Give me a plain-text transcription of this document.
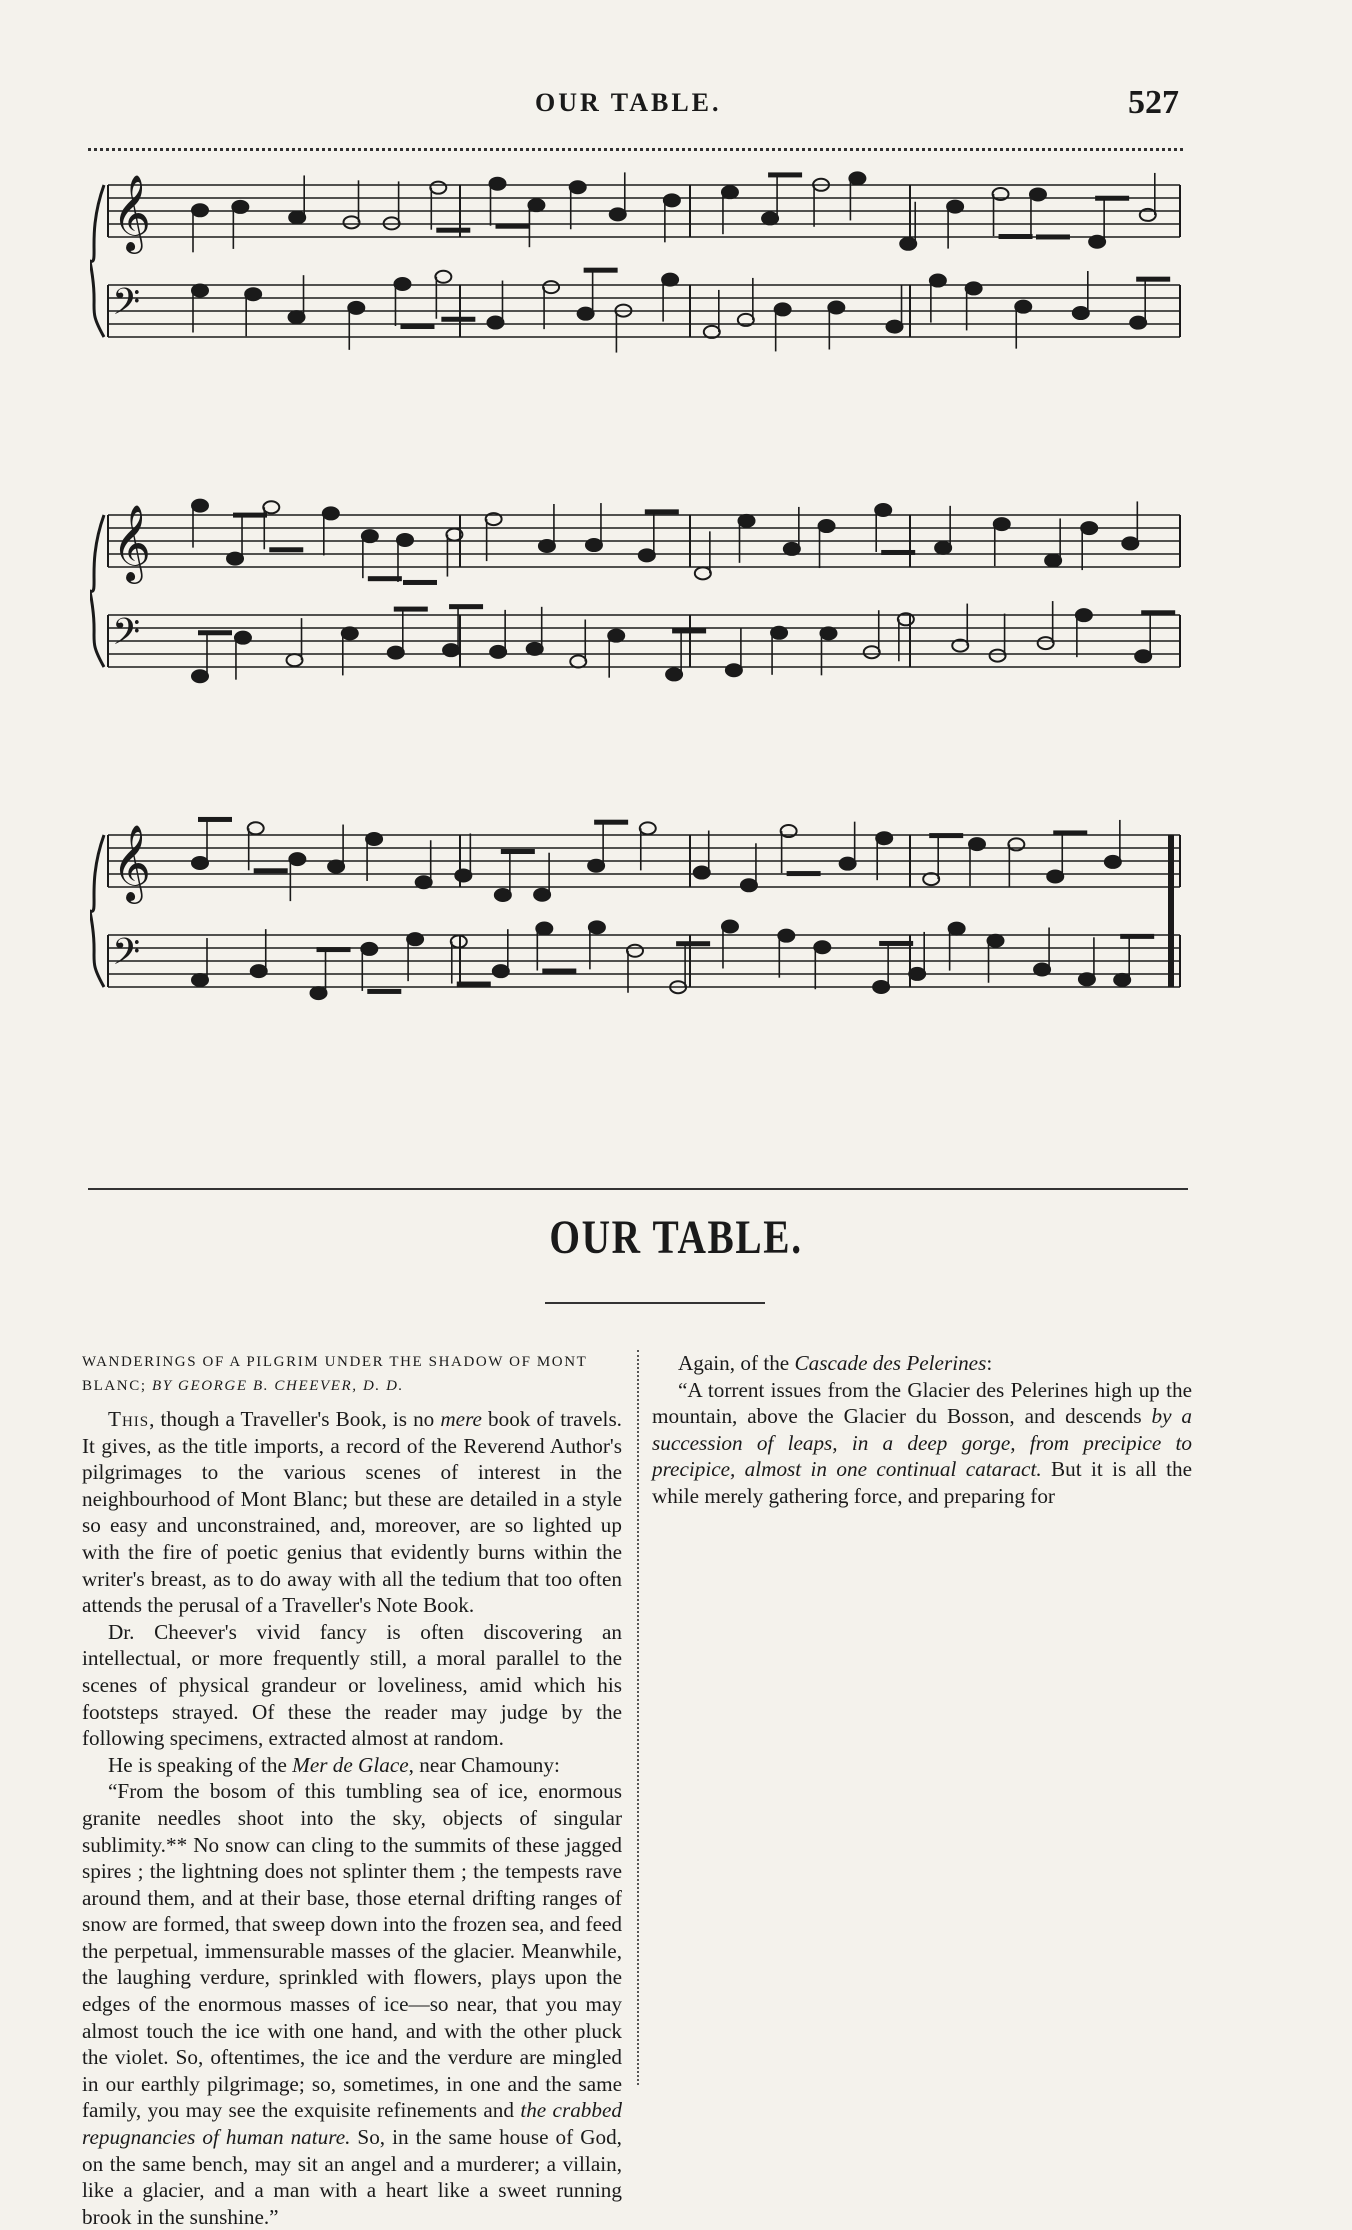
OUR TABLE.	527
𝄞
𝄢
𝄞
𝄢
𝄞
𝄢
OUR TABLE.

WANDERINGS OF A PILGRIM UNDER THE SHADOW OF MONT BLANC; BY GEORGE B. CHEEVER, D. D.

This, though a Traveller's Book, is no mere book of travels. It gives, as the title imports, a record of the Reverend Author's pilgrimages to the various scenes of interest in the neighbourhood of Mont Blanc; but these are detailed in a style so easy and unconstrained, and, moreover, are so lighted up with the fire of poetic genius that evidently burns within the writer's breast, as to do away with all the tedium that too often attends the perusal of a Traveller's Note Book.

Dr. Cheever's vivid fancy is often discovering an intellectual, or more frequently still, a moral parallel to the scenes of physical grandeur or loveliness, amid which his footsteps strayed. Of these the reader may judge by the following specimens, extracted almost at random.

He is speaking of the Mer de Glace, near Chamouny:

“From the bosom of this tumbling sea of ice, enormous granite needles shoot into the sky, objects of singular sublimity.** No snow can cling to the summits of these jagged spires ; the lightning does not splinter them ; the tempests rave around them, and at their base, those eternal drifting ranges of snow are formed, that sweep down into the frozen sea, and feed the perpetual, immensurable masses of the glacier. Meanwhile, the laughing verdure, sprinkled with flowers, plays upon the edges of the enormous masses of ice—so near, that you may almost touch the ice with one hand, and with the other pluck the violet. So, oftentimes, the ice and the verdure are mingled in our earthly pilgrimage; so, sometimes, in one and the same family, you may see the exquisite refinements and the crabbed repugnancies of human nature. So, in the same house of God, on the same bench, may sit an angel and a murderer; a villain, like a glacier, and a man with a heart like a sweet running brook in the sunshine.”

Again, of the Cascade des Pelerines:

“A torrent issues from the Glacier des Pelerines high up the mountain, above the Glacier du Bosson, and descends by a succession of leaps, in a deep gorge, from precipice to precipice, almost in one continual cataract. But it is all the while merely gathering force, and preparing for
